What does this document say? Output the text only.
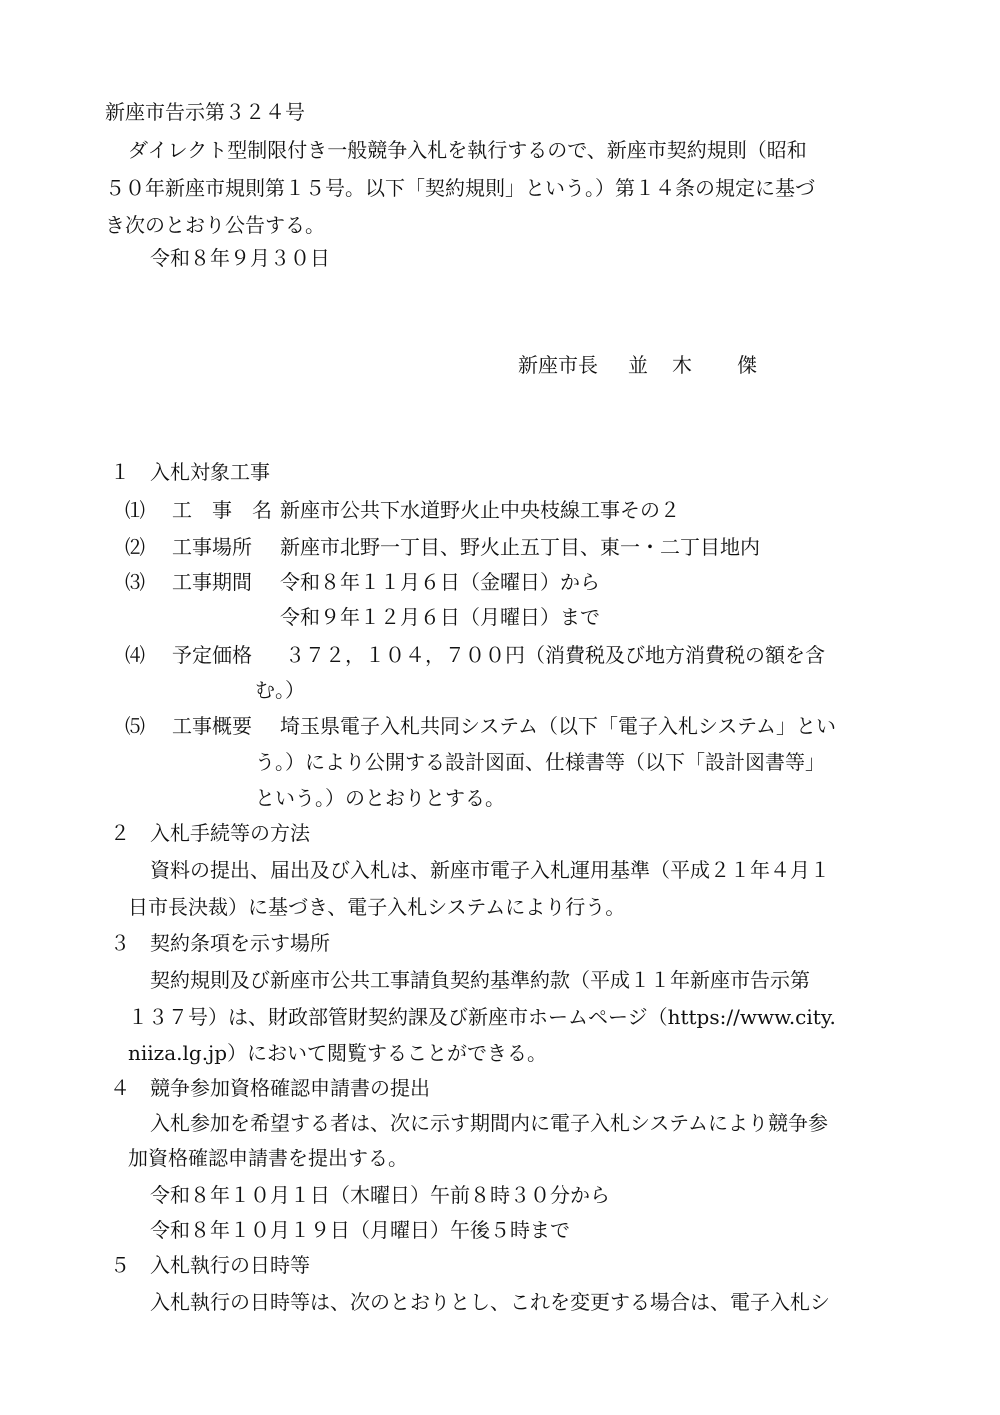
新座市告示第３２４号
ダイレクト型制限付き一般競争入札を執行するので、新座市契約規則（昭和
５０年新座市規則第１５号。以下「契約規則」という。）第１４条の規定に基づ
き次のとおり公告する。
令和８年９月３０日
新座市長 並 木 傑
１ 入札対象工事
⑴ 工　事　名 新座市公共下水道野火止中央枝線工事その２
⑵ 工事場所 新座市北野一丁目、野火止五丁目、東一・二丁目地内
⑶ 工事期間 令和８年１１月６日（金曜日）から
令和９年１２月６日（月曜日）まで
⑷ 予定価格 ３７２，１０４，７００円（消費税及び地方消費税の額を含
む。）
⑸ 工事概要 埼玉県電子入札共同システム（以下「電子入札システム」とい
う。）により公開する設計図面、仕様書等（以下「設計図書等」
という。）のとおりとする。
２ 入札手続等の方法
資料の提出、届出及び入札は、新座市電子入札運用基準（平成２１年４月１
日市長決裁）に基づき、電子入札システムにより行う。
３ 契約条項を示す場所
契約規則及び新座市公共工事請負契約基準約款（平成１１年新座市告示第
１３７号）は、財政部管財契約課及び新座市ホームページ（https://www.city.
niiza.lg.jp）において閲覧することができる。
４ 競争参加資格確認申請書の提出
入札参加を希望する者は、次に示す期間内に電子入札システムにより競争参
加資格確認申請書を提出する。
令和８年１０月１日（木曜日）午前８時３０分から
令和８年１０月１９日（月曜日）午後５時まで
５ 入札執行の日時等
入札執行の日時等は、次のとおりとし、これを変更する場合は、電子入札シ
